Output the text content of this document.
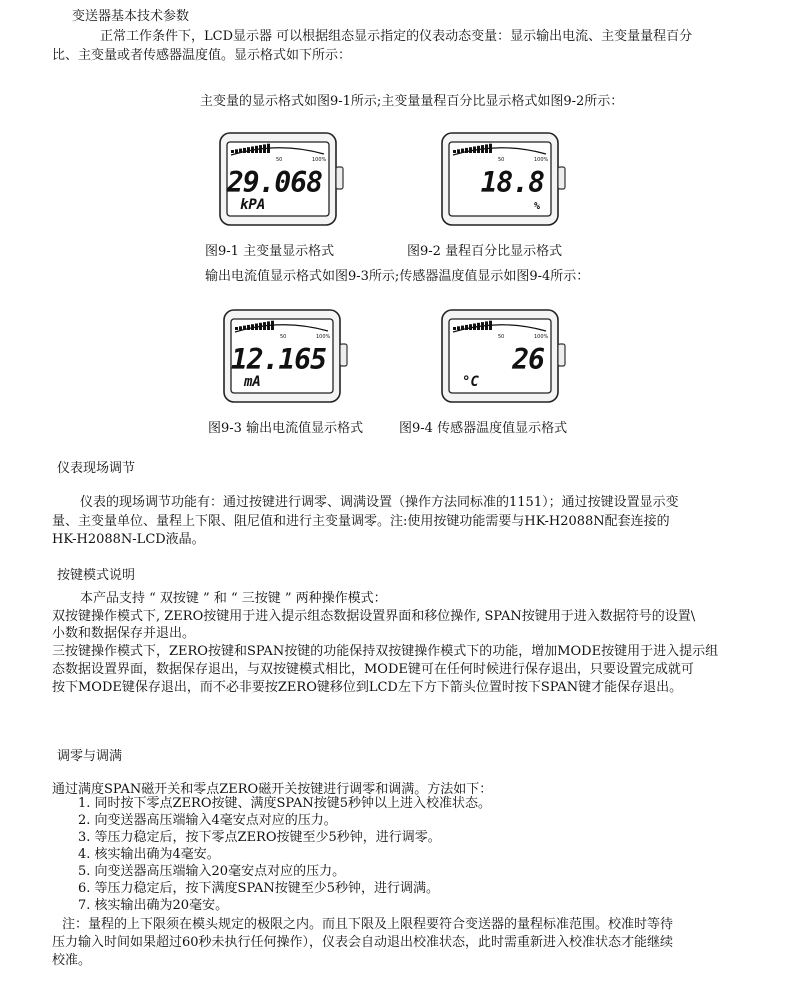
变送器基本技术参数
正常工作条件下，LCD显示器 可以根据组态显示指定的仪表动态变量：显示输出电流、主变量量程百分
比、主变量或者传感器温度值。显示格式如下所示：
主变量的显示格式如图9-1所示;主变量量程百分比显示格式如图9-2所示：
50	100%
29.068
kPA
50	100%
18.8
%
图9-1 主变量显示格式	图9-2 量程百分比显示格式
输出电流值显示格式如图9-3所示;传感器温度值显示如图9-4所示：
50	100%
12.165
mA
50	100%
26
°C
图9-3 输出电流值显示格式	图9-4 传感器温度值显示格式
仪表现场调节
仪表的现场调节功能有：通过按键进行调零、调满设置（操作方法同标准的1151）；通过按键设置显示变
量、主变量单位、量程上下限、阻尼值和进行主变量调零。注:使用按键功能需要与HK-H2088N配套连接的
HK-H2088N-LCD液晶。
按键模式说明
本产品支持 “ 双按键 ” 和 “ 三按键 ” 两种操作模式：
双按键操作模式下, ZERO按键用于进入提示组态数据设置界面和移位操作, SPAN按键用于进入数据符号的设置\
小数和数据保存并退出。
三按键操作模式下，ZERO按键和SPAN按键的功能保持双按键操作模式下的功能，增加MODE按键用于进入提示组
态数据设置界面，数据保存退出，与双按键模式相比，MODE键可在任何时候进行保存退出，只要设置完成就可
按下MODE键保存退出，而不必非要按ZERO键移位到LCD左下方下箭头位置时按下SPAN键才能保存退出。
调零与调满
通过满度SPAN磁开关和零点ZERO磁开关按键进行调零和调满。方法如下：
1. 同时按下零点ZERO按键、满度SPAN按键5秒钟以上进入校准状态。
2. 向变送器高压端输入4毫安点对应的压力。
3. 等压力稳定后，按下零点ZERO按键至少5秒钟，进行调零。
4. 核实输出确为4毫安。
5. 向变送器高压端输入20毫安点对应的压力。
6. 等压力稳定后，按下满度SPAN按键至少5秒钟，进行调满。
7. 核实输出确为20毫安。
注：量程的上下限须在模头规定的极限之内。而且下限及上限程要符合变送器的量程标准范围。校准时等待
压力输入时间如果超过60秒未执行任何操作），仪表会自动退出校准状态，此时需重新进入校准状态才能继续
校准。
